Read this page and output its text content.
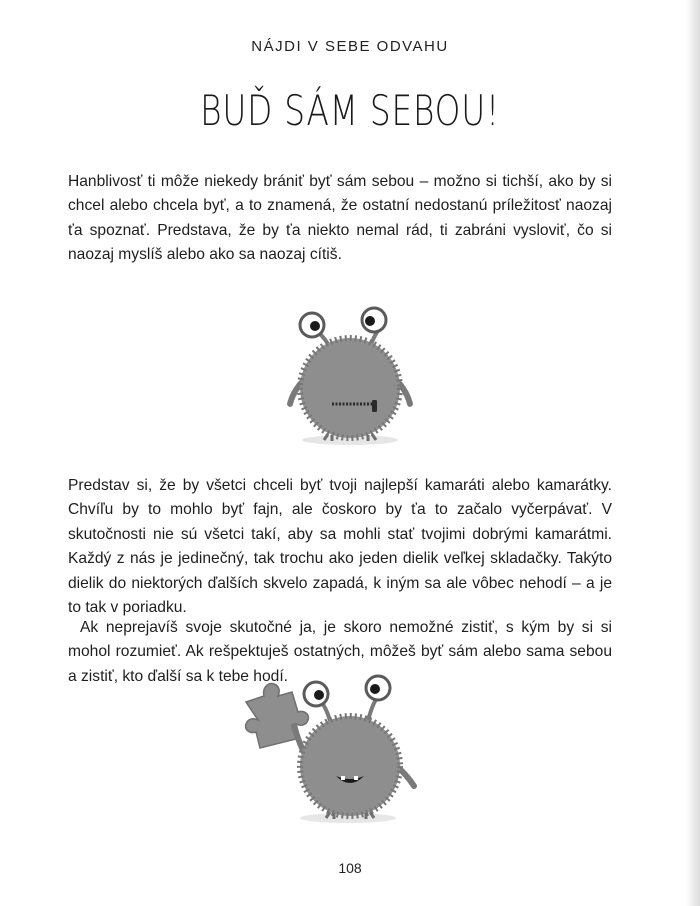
NÁJDI V SEBE ODVAHU
BUĎ SÁM SEBOU!

Hanblivosť ti môže niekedy brániť byť sám sebou – možno si tichší, ako by si chcel alebo chcela byť, a to znamená, že ostatní nedostanú príležitosť naozaj ťa spoznať. Predstava, že by ťa niekto nemal rád, ti zabráni vysloviť, čo si naozaj myslíš alebo ako sa naozaj cítiš.

Predstav si, že by všetci chceli byť tvoji najlepší kamaráti alebo kamarátky. Chvíľu by to mohlo byť fajn, ale čoskoro by ťa to začalo vyčerpávať. V skutočnosti nie sú všetci takí, aby sa mohli stať tvojimi dobrými kamarátmi. Každý z nás je jedinečný, tak trochu ako jeden dielik veľkej skladačky. Takýto dielik do niektorých ďalších skvelo zapadá, k iným sa ale vôbec nehodí – a je to tak v poriadku.

Ak neprejavíš svoje skutočné ja, je skoro nemožné zistiť, s kým by si si mohol rozumieť. Ak rešpektuješ ostatných, môžeš byť sám alebo sama sebou a zistiť, kto ďalší sa k tebe hodí.

108
